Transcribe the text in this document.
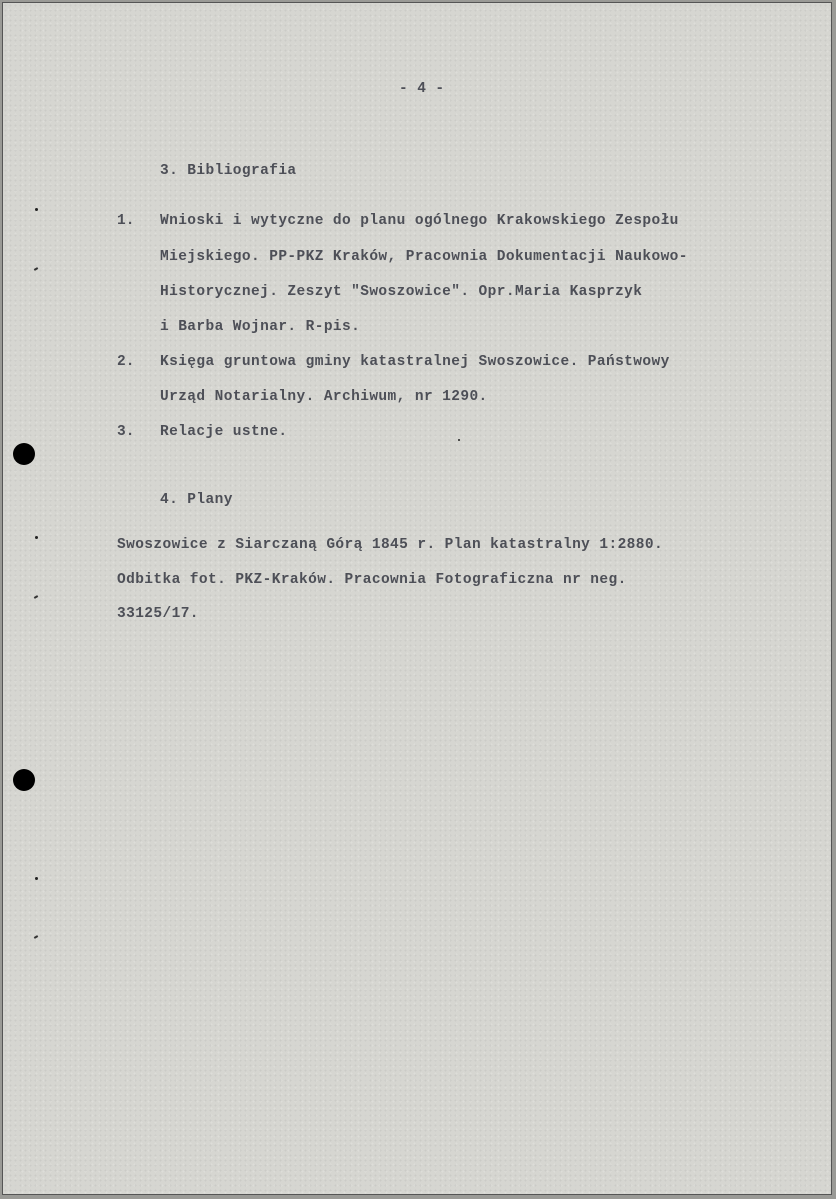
- 4 -
3. Bibliografia
1. Wnioski i wytyczne do planu ogólnego Krakowskiego Zespołu
Miejskiego. PP-PKZ Kraków, Pracownia Dokumentacji Naukowo-
Historycznej. Zeszyt "Swoszowice". Opr.Maria Kasprzyk
i Barba Wojnar. R-pis.
2. Księga gruntowa gminy katastralnej Swoszowice. Państwowy
Urząd Notarialny. Archiwum, nr 1290.
3. Relacje ustne.
4. Plany
Swoszowice z Siarczaną Górą 1845 r. Plan katastralny 1:2880.
Odbitka fot. PKZ-Kraków. Pracownia Fotograficzna nr neg.
33125/17.
